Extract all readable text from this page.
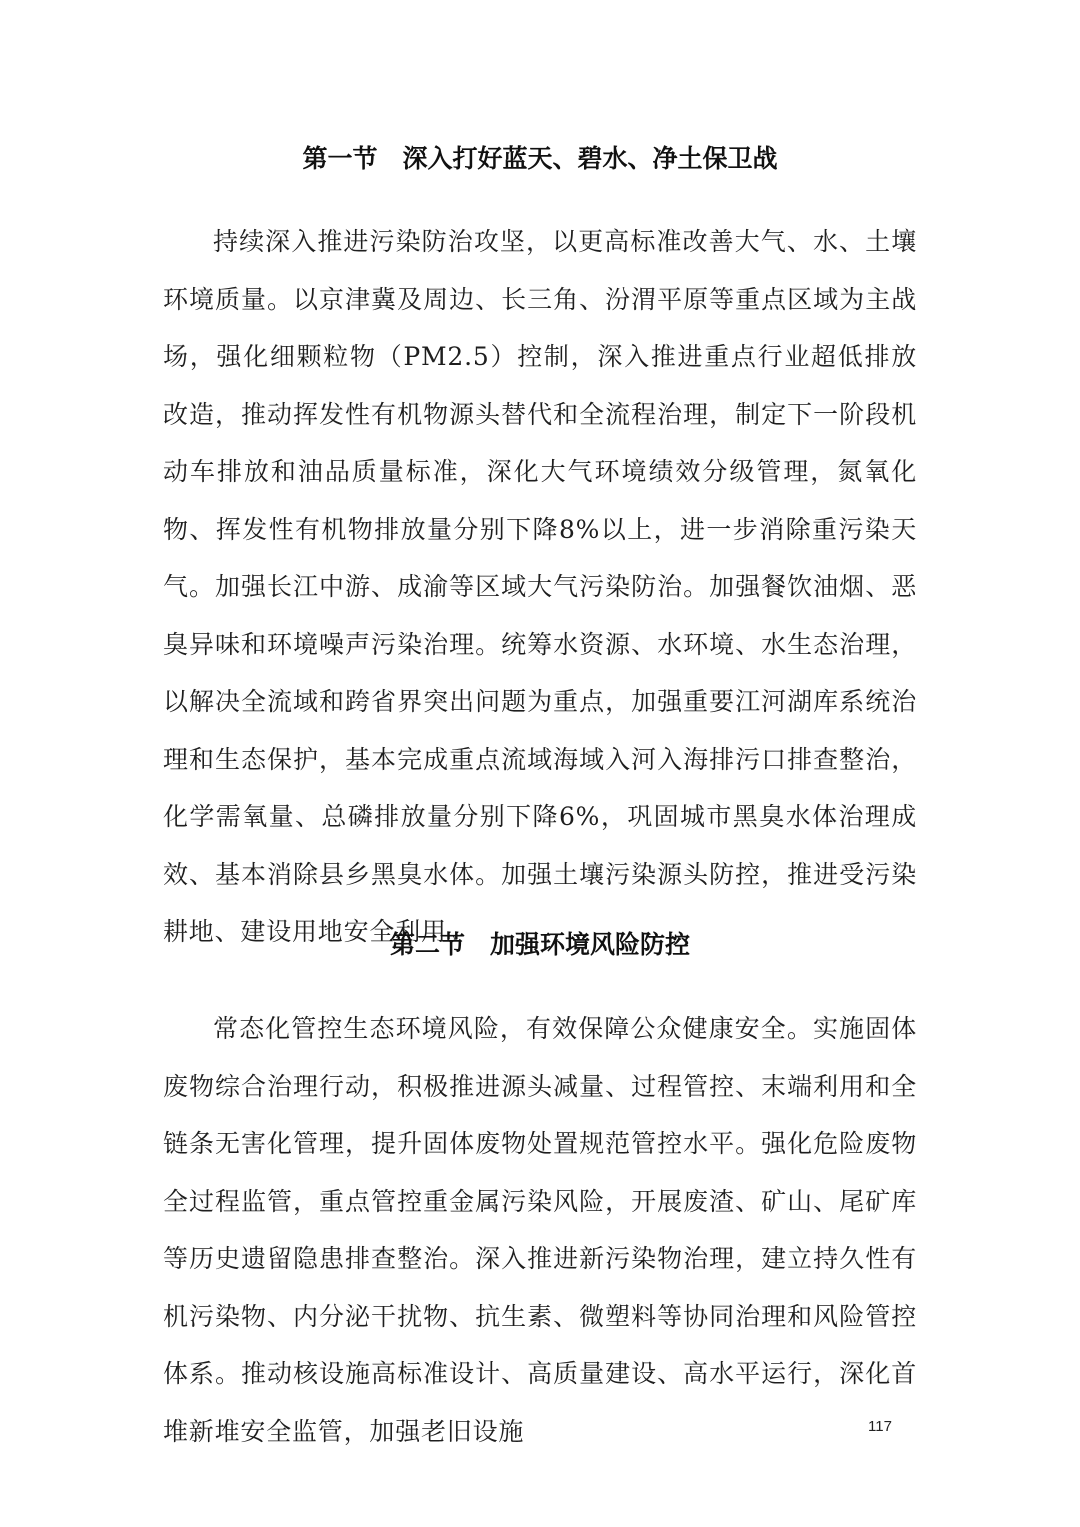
第一节　深入打好蓝天、碧水、净土保卫战
持续深入推进污染防治攻坚，以更高标准改善大气、水、土壤环境质量。以京津冀及周边、长三角、汾渭平原等重点区域为主战场，强化细颗粒物（PM2.5）控制，深入推进重点行业超低排放改造，推动挥发性有机物源头替代和全流程治理，制定下一阶段机动车排放和油品质量标准，深化大气环境绩效分级管理，氮氧化物、挥发性有机物排放量分别下降8%以上，进一步消除重污染天气。加强长江中游、成渝等区域大气污染防治。加强餐饮油烟、恶臭异味和环境噪声污染治理。统筹水资源、水环境、水生态治理，以解决全流域和跨省界突出问题为重点，加强重要江河湖库系统治理和生态保护，基本完成重点流域海域入河入海排污口排查整治，化学需氧量、总磷排放量分别下降6%，巩固城市黑臭水体治理成效、基本消除县乡黑臭水体。加强土壤污染源头防控，推进受污染耕地、建设用地安全利用。
第二节　加强环境风险防控
常态化管控生态环境风险，有效保障公众健康安全。实施固体废物综合治理行动，积极推进源头减量、过程管控、末端利用和全链条无害化管理，提升固体废物处置规范管控水平。强化危险废物全过程监管，重点管控重金属污染风险，开展废渣、矿山、尾矿库等历史遗留隐患排查整治。深入推进新污染物治理，建立持久性有机污染物、内分泌干扰物、抗生素、微塑料等协同治理和风险管控体系。推动核设施高标准设计、高质量建设、高水平运行，深化首堆新堆安全监管，加强老旧设施	117
